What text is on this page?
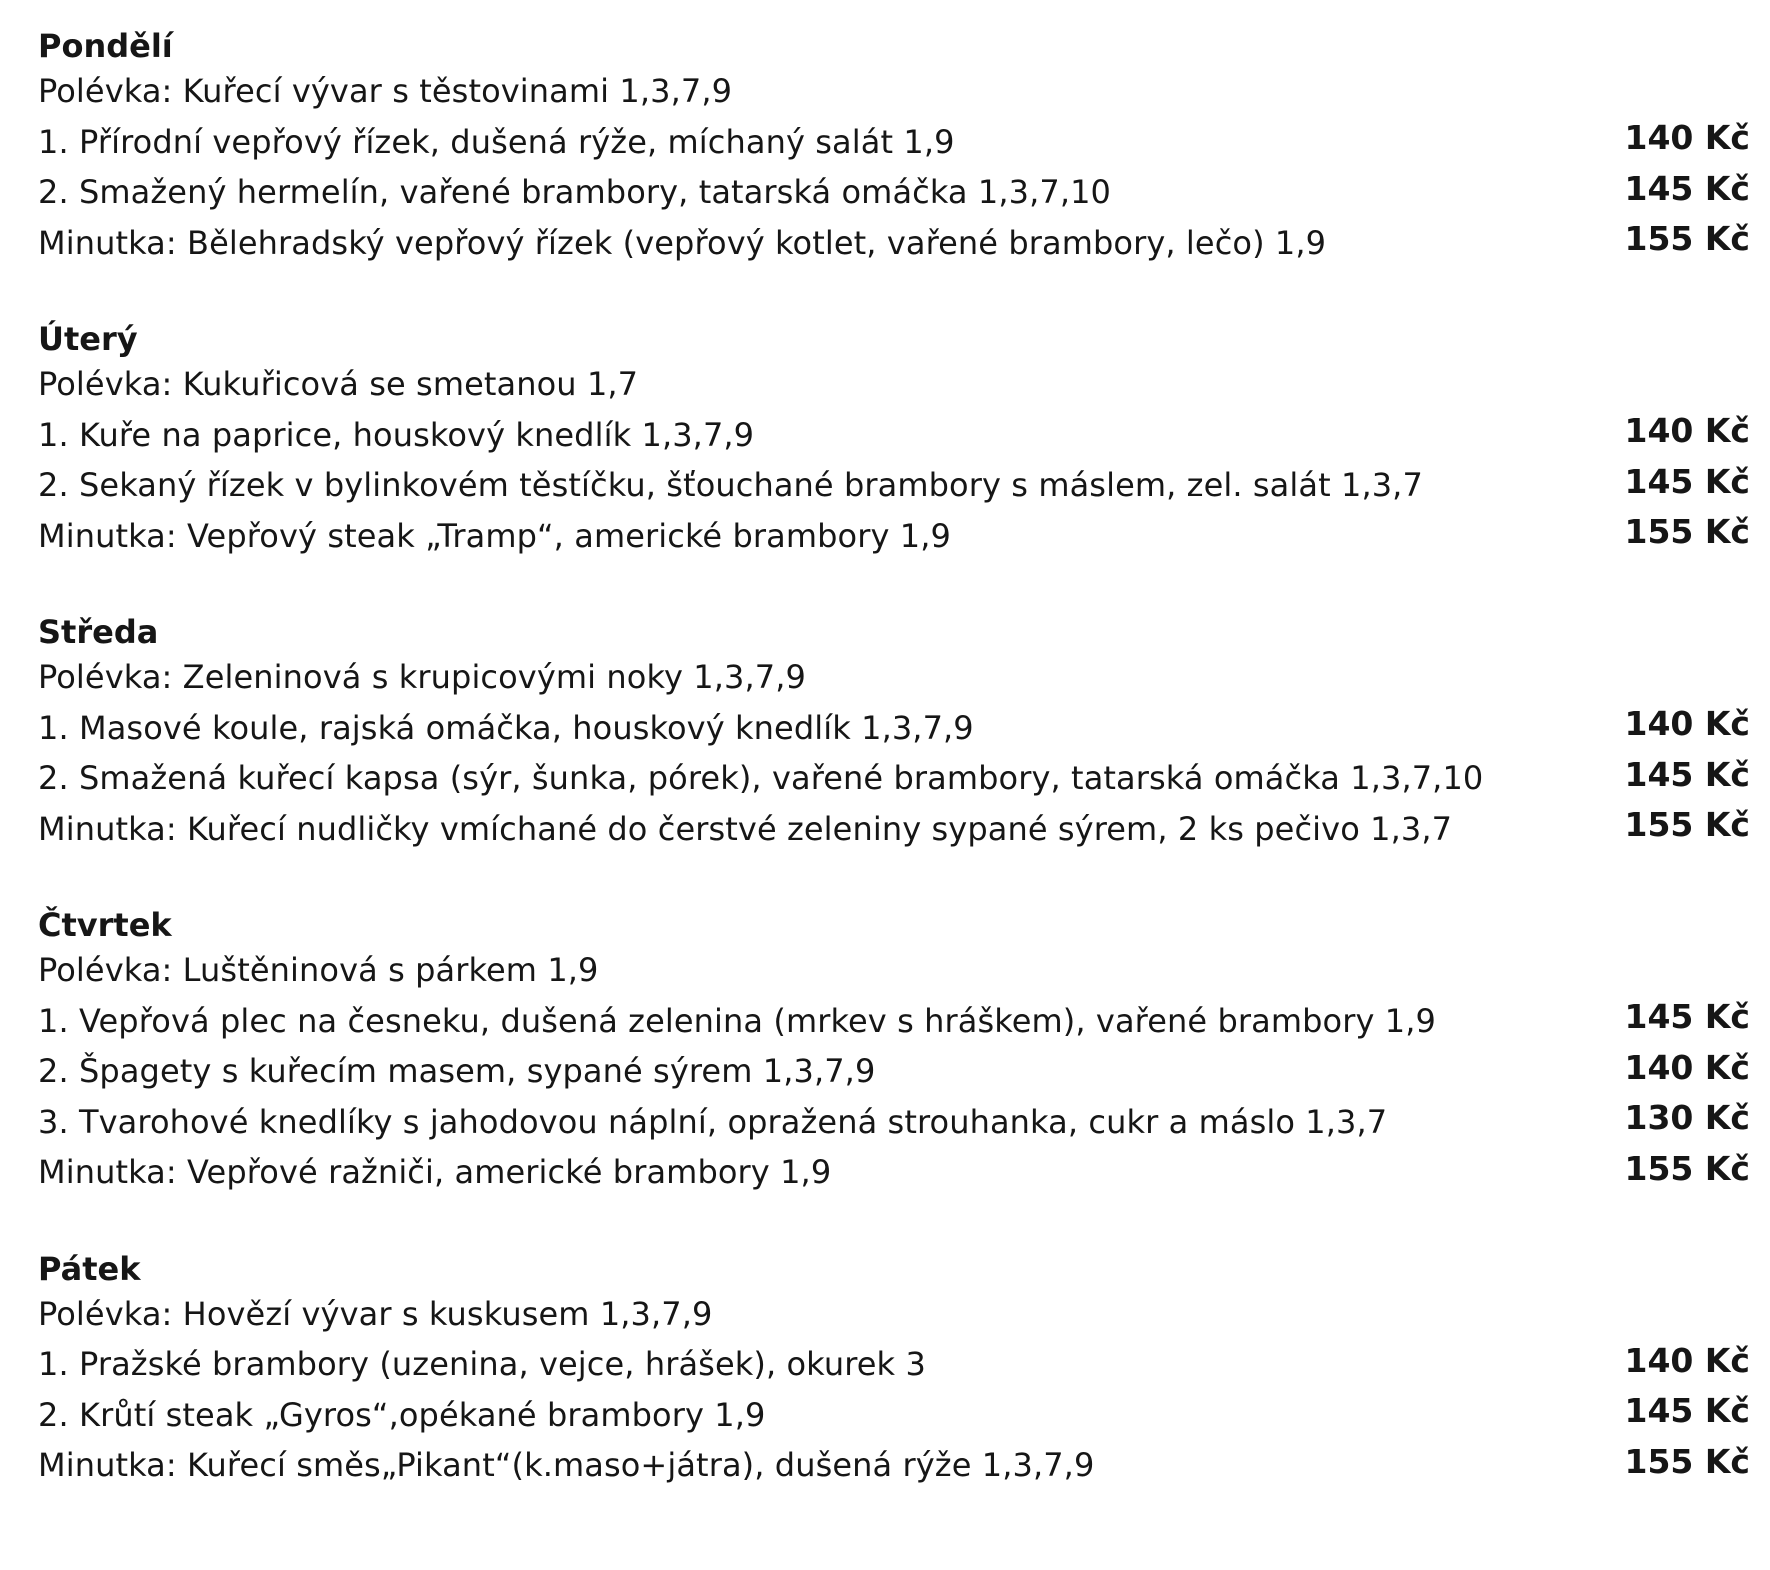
Pondělí
Polévka: Kuřecí vývar s těstovinami 1,3,7,9
1. Přírodní vepřový řízek, dušená rýže, míchaný salát 1,9	140 Kč
2. Smažený hermelín, vařené brambory, tatarská omáčka 1,3,7,10	145 Kč
Minutka: Bělehradský vepřový řízek (vepřový kotlet, vařené brambory, lečo) 1,9	155 Kč
Úterý
Polévka: Kukuřicová se smetanou 1,7
1. Kuře na paprice, houskový knedlík 1,3,7,9	140 Kč
2. Sekaný řízek v bylinkovém těstíčku, šťouchané brambory s máslem, zel. salát 1,3,7	145 Kč
Minutka: Vepřový steak „Tramp“, americké brambory 1,9	155 Kč
Středa
Polévka: Zeleninová s krupicovými noky 1,3,7,9
1. Masové koule, rajská omáčka, houskový knedlík 1,3,7,9	140 Kč
2. Smažená kuřecí kapsa (sýr, šunka, pórek), vařené brambory, tatarská omáčka 1,3,7,10	145 Kč
Minutka: Kuřecí nudličky vmíchané do čerstvé zeleniny sypané sýrem, 2 ks pečivo 1,3,7	155 Kč
Čtvrtek
Polévka: Luštěninová s párkem 1,9
1. Vepřová plec na česneku, dušená zelenina (mrkev s hráškem), vařené brambory 1,9	145 Kč
2. Špagety s kuřecím masem, sypané sýrem 1,3,7,9	140 Kč
3. Tvarohové knedlíky s jahodovou náplní, opražená strouhanka, cukr a máslo 1,3,7	130 Kč
Minutka: Vepřové ražniči, americké brambory 1,9	155 Kč
Pátek
Polévka: Hovězí vývar s kuskusem 1,3,7,9
1. Pražské brambory (uzenina, vejce, hrášek), okurek 3	140 Kč
2. Krůtí steak „Gyros“,opékané brambory 1,9	145 Kč
Minutka: Kuřecí směs„Pikant“(k.maso+játra), dušená rýže 1,3,7,9	155 Kč
